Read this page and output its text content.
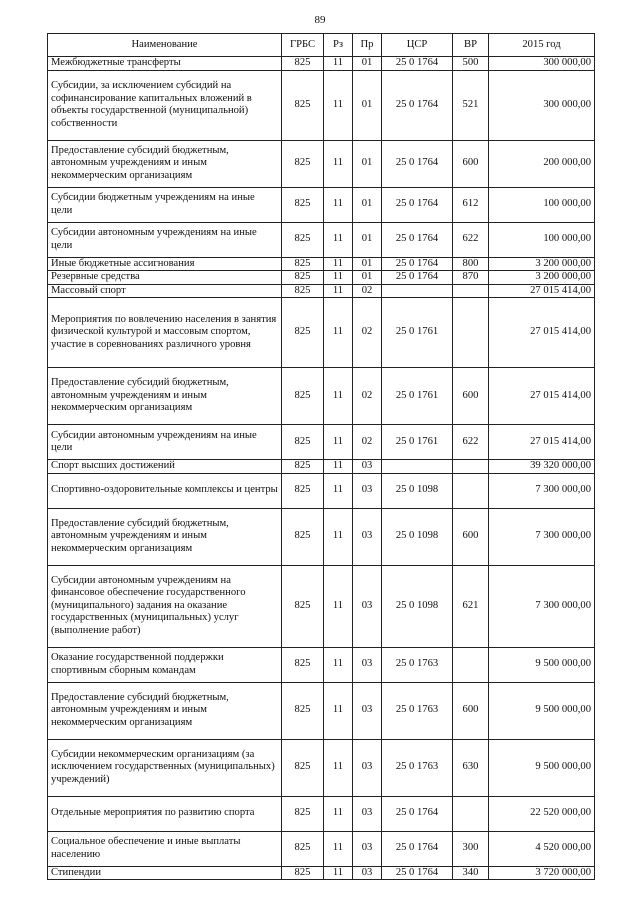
89
Наименование	ГРБС	Рз	Пр	ЦСР	ВР	2015 год
Межбюджетные трансферты	825	11	01	25 0 1764	500	300 000,00
Субсидии, за исключением субсидий на софинансирование капитальных вложений в объекты государственной (муниципальной) собственности	825	11	01	25 0 1764	521	300 000,00
Предоставление субсидий бюджетным, автономным учреждениям и иным некоммерческим организациям	825	11	01	25 0 1764	600	200 000,00
Субсидии бюджетным учреждениям на иные цели	825	11	01	25 0 1764	612	100 000,00
Субсидии автономным учреждениям на иные цели	825	11	01	25 0 1764	622	100 000,00
Иные бюджетные ассигнования	825	11	01	25 0 1764	800	3 200 000,00
Резервные средства	825	11	01	25 0 1764	870	3 200 000,00
Массовый спорт	825	11	02			27 015 414,00
Мероприятия по вовлечению населения в занятия физической культурой и массовым спортом, участие в соревнованиях различного уровня	825	11	02	25 0 1761		27 015 414,00
Предоставление субсидий бюджетным, автономным учреждениям и иным некоммерческим организациям	825	11	02	25 0 1761	600	27 015 414,00
Субсидии автономным учреждениям на иные цели	825	11	02	25 0 1761	622	27 015 414,00
Спорт высших достижений	825	11	03			39 320 000,00
Спортивно-оздоровительные комплексы и центры	825	11	03	25 0 1098		7 300 000,00
Предоставление субсидий бюджетным, автономным учреждениям и иным некоммерческим организациям	825	11	03	25 0 1098	600	7 300 000,00
Субсидии автономным учреждениям на финансовое обеспечение государственного (муниципального) задания на оказание государственных (муниципальных) услуг (выполнение работ)	825	11	03	25 0 1098	621	7 300 000,00
Оказание государственной поддержки спортивным сборным командам	825	11	03	25 0 1763		9 500 000,00
Предоставление субсидий бюджетным, автономным учреждениям и иным некоммерческим организациям	825	11	03	25 0 1763	600	9 500 000,00
Субсидии некоммерческим организациям (за исключением государственных (муниципальных) учреждений)	825	11	03	25 0 1763	630	9 500 000,00
Отдельные мероприятия по развитию спорта	825	11	03	25 0 1764		22 520 000,00
Социальное обеспечение и иные выплаты населению	825	11	03	25 0 1764	300	4 520 000,00
Стипендии	825	11	03	25 0 1764	340	3 720 000,00
